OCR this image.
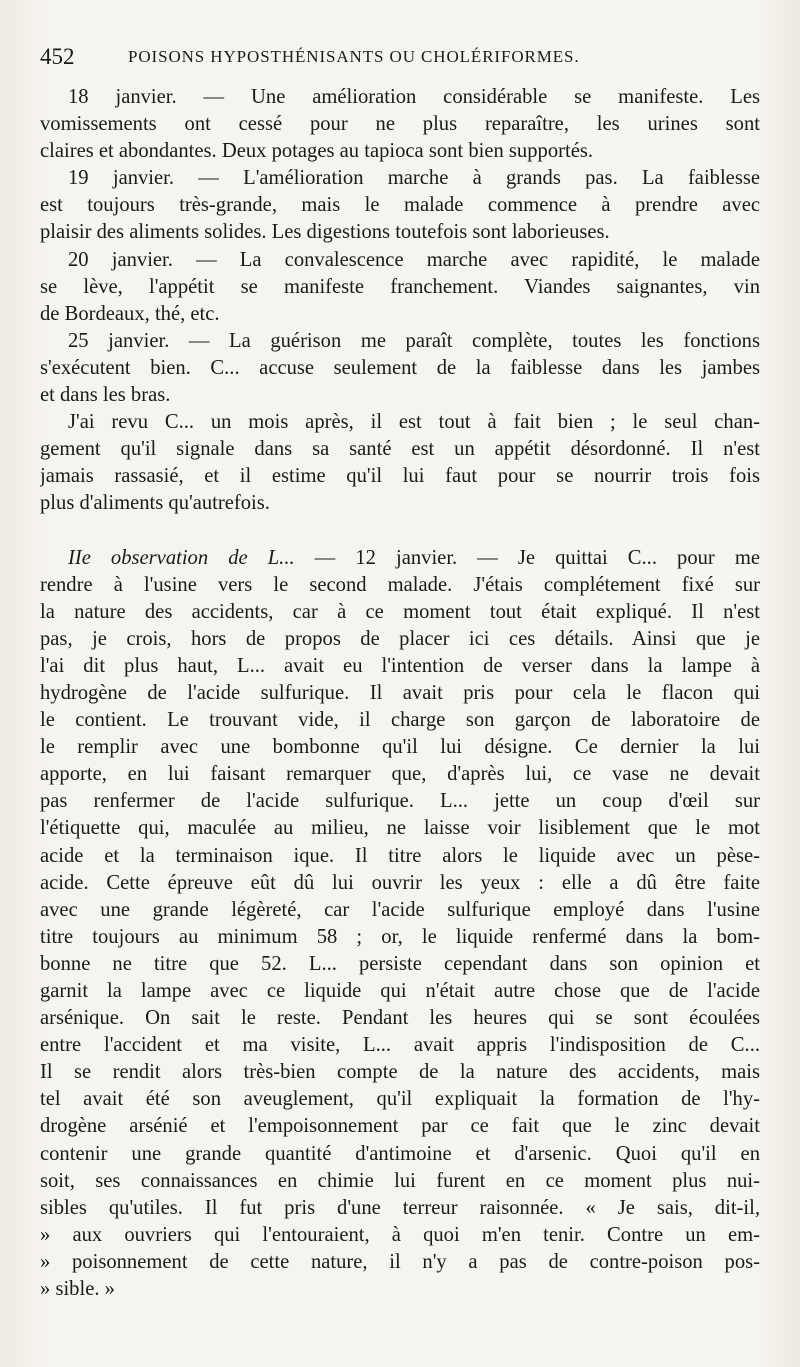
452	POISONS HYPOSTHÉNISANTS OU CHOLÉRIFORMES.
18 janvier. — Une amélioration considérable se manifeste. Les
vomissements ont cessé pour ne plus reparaître, les urines sont
claires et abondantes. Deux potages au tapioca sont bien supportés.
19 janvier. — L'amélioration marche à grands pas. La faiblesse
est toujours très-grande, mais le malade commence à prendre avec
plaisir des aliments solides. Les digestions toutefois sont laborieuses.
20 janvier. — La convalescence marche avec rapidité, le malade
se lève, l'appétit se manifeste franchement. Viandes saignantes, vin
de Bordeaux, thé, etc.
25 janvier. — La guérison me paraît complète, toutes les fonctions
s'exécutent bien. C... accuse seulement de la faiblesse dans les jambes
et dans les bras.
J'ai revu C... un mois après, il est tout à fait bien ; le seul chan-
gement qu'il signale dans sa santé est un appétit désordonné. Il n'est
jamais rassasié, et il estime qu'il lui faut pour se nourrir trois fois
plus d'aliments qu'autrefois.
IIe observation de L... — 12 janvier. — Je quittai C... pour me
rendre à l'usine vers le second malade. J'étais complétement fixé sur
la nature des accidents, car à ce moment tout était expliqué. Il n'est
pas, je crois, hors de propos de placer ici ces détails. Ainsi que je
l'ai dit plus haut, L... avait eu l'intention de verser dans la lampe à
hydrogène de l'acide sulfurique. Il avait pris pour cela le flacon qui
le contient. Le trouvant vide, il charge son garçon de laboratoire de
le remplir avec une bombonne qu'il lui désigne. Ce dernier la lui
apporte, en lui faisant remarquer que, d'après lui, ce vase ne devait
pas renfermer de l'acide sulfurique. L... jette un coup d'œil sur
l'étiquette qui, maculée au milieu, ne laisse voir lisiblement que le mot
acide et la terminaison ique. Il titre alors le liquide avec un pèse-
acide. Cette épreuve eût dû lui ouvrir les yeux : elle a dû être faite
avec une grande légèreté, car l'acide sulfurique employé dans l'usine
titre toujours au minimum 58 ; or, le liquide renfermé dans la bom-
bonne ne titre que 52. L... persiste cependant dans son opinion et
garnit la lampe avec ce liquide qui n'était autre chose que de l'acide
arsénique. On sait le reste. Pendant les heures qui se sont écoulées
entre l'accident et ma visite, L... avait appris l'indisposition de C...
Il se rendit alors très-bien compte de la nature des accidents, mais
tel avait été son aveuglement, qu'il expliquait la formation de l'hy-
drogène arsénié et l'empoisonnement par ce fait que le zinc devait
contenir une grande quantité d'antimoine et d'arsenic. Quoi qu'il en
soit, ses connaissances en chimie lui furent en ce moment plus nui-
sibles qu'utiles. Il fut pris d'une terreur raisonnée. « Je sais, dit-il,
» aux ouvriers qui l'entouraient, à quoi m'en tenir. Contre un em-
» poisonnement de cette nature, il n'y a pas de contre-poison pos-
» sible. »
